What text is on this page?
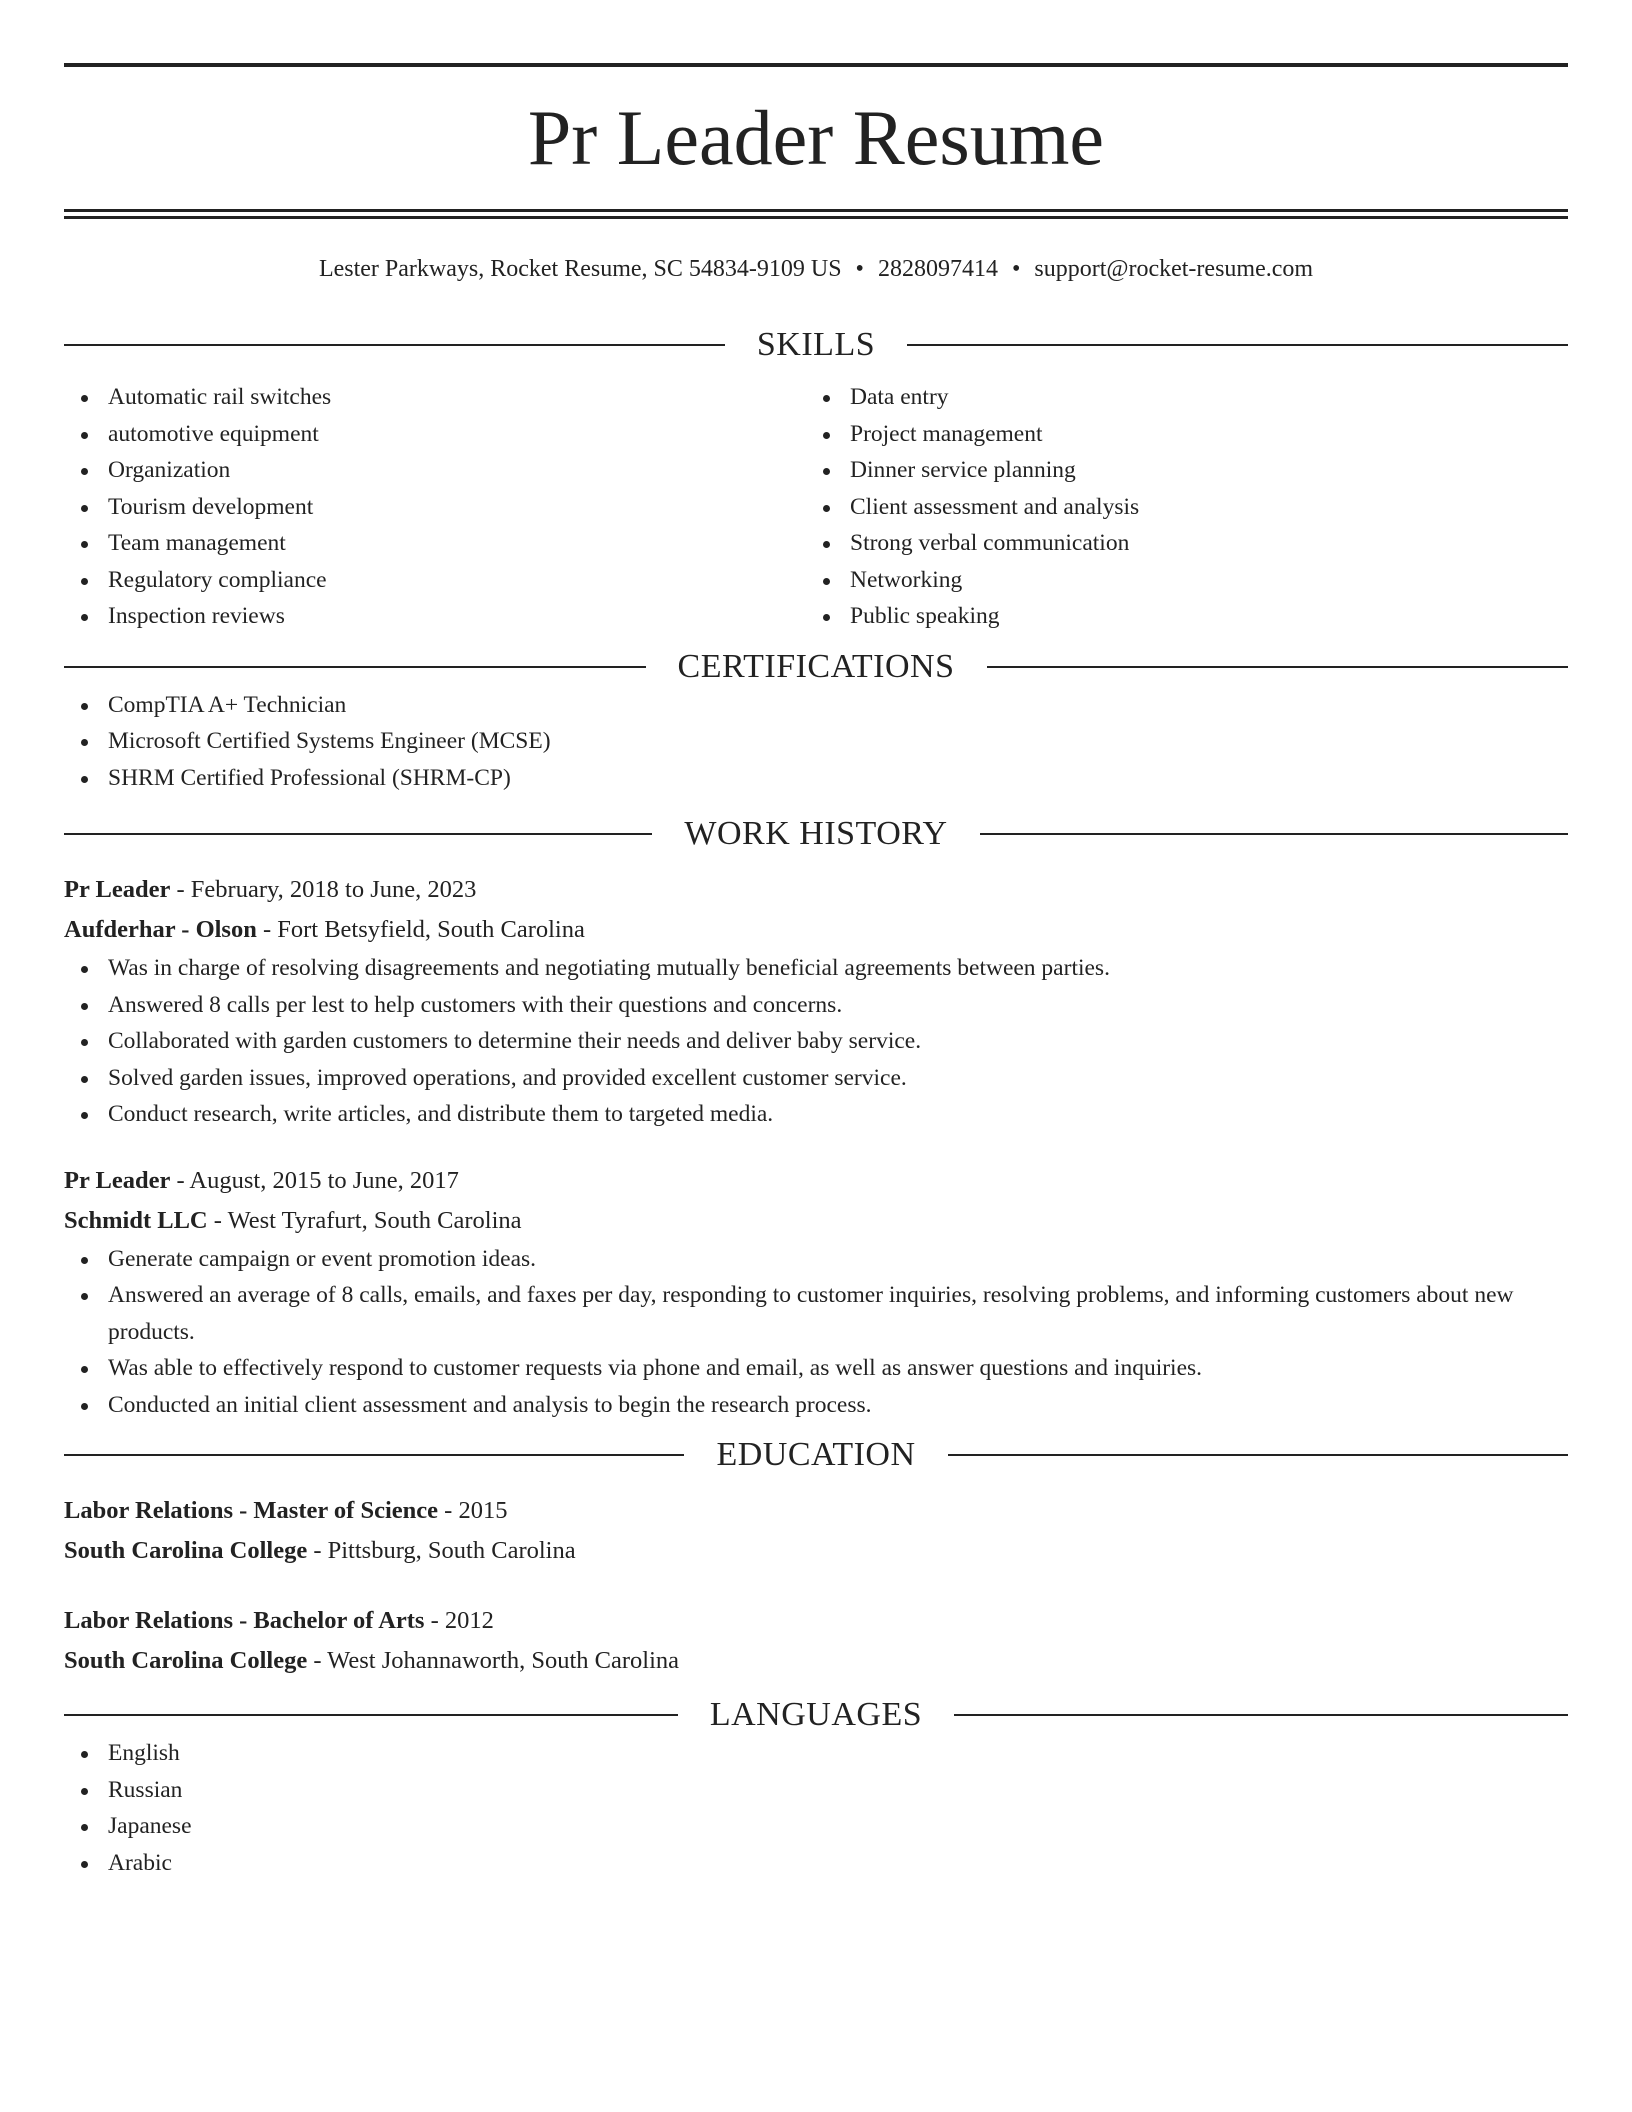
Pr Leader Resume
Lester Parkways, Rocket Resume, SC 54834-9109 US • 2828097414 • support@rocket-resume.com
SKILLS
Automatic rail switches
automotive equipment
Organization
Tourism development
Team management
Regulatory compliance
Inspection reviews
Data entry
Project management
Dinner service planning
Client assessment and analysis
Strong verbal communication
Networking
Public speaking
CERTIFICATIONS
CompTIA A+ Technician
Microsoft Certified Systems Engineer (MCSE)
SHRM Certified Professional (SHRM-CP)
WORK HISTORY
Pr Leader - February, 2018 to June, 2023
Aufderhar - Olson - Fort Betsyfield, South Carolina
Was in charge of resolving disagreements and negotiating mutually beneficial agreements between parties.
Answered 8 calls per lest to help customers with their questions and concerns.
Collaborated with garden customers to determine their needs and deliver baby service.
Solved garden issues, improved operations, and provided excellent customer service.
Conduct research, write articles, and distribute them to targeted media.
Pr Leader - August, 2015 to June, 2017
Schmidt LLC - West Tyrafurt, South Carolina
Generate campaign or event promotion ideas.
Answered an average of 8 calls, emails, and faxes per day, responding to customer inquiries, resolving problems, and informing customers about new products.
Was able to effectively respond to customer requests via phone and email, as well as answer questions and inquiries.
Conducted an initial client assessment and analysis to begin the research process.
EDUCATION
Labor Relations - Master of Science - 2015
South Carolina College - Pittsburg, South Carolina
Labor Relations - Bachelor of Arts - 2012
South Carolina College - West Johannaworth, South Carolina
LANGUAGES
English
Russian
Japanese
Arabic
